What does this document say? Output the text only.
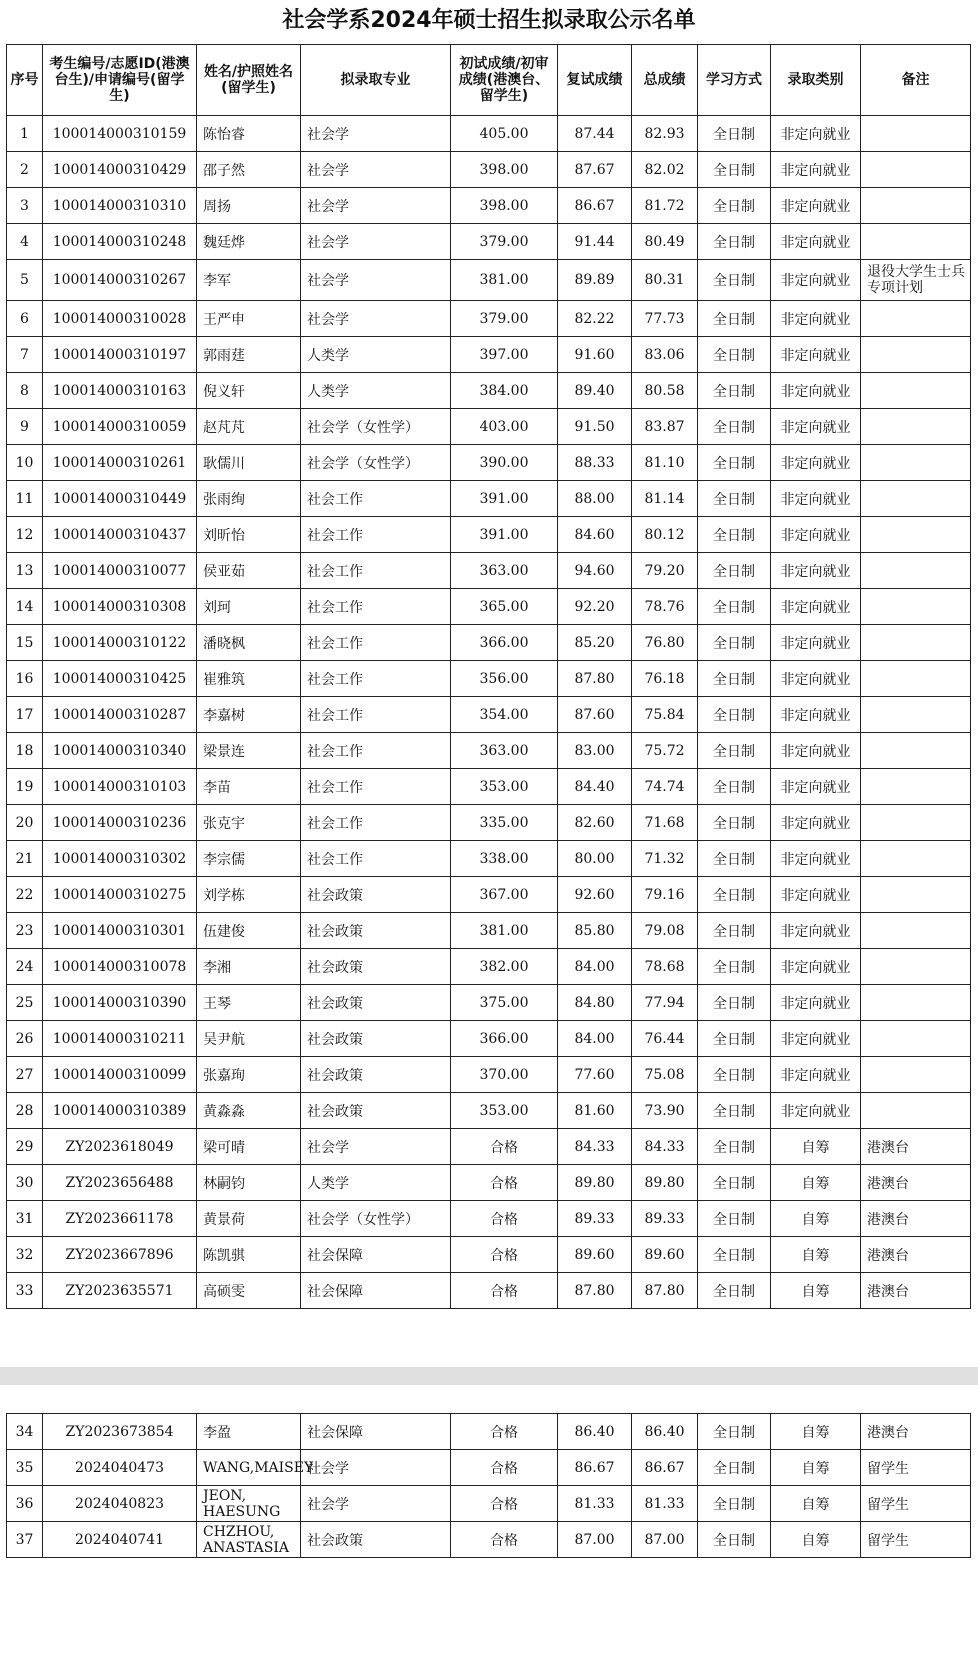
社会学系2024年硕士招生拟录取公示名单
序号	考生编号/志愿ID(港澳台生)/申请编号(留学生)	姓名/护照姓名(留学生)	拟录取专业	初试成绩/初审成绩(港澳台、留学生)	复试成绩	总成绩	学习方式	录取类别	备注
1	100014000310159	陈怡睿	社会学	405.00	87.44	82.93	全日制	非定向就业	
2	100014000310429	邵子然	社会学	398.00	87.67	82.02	全日制	非定向就业	
3	100014000310310	周扬	社会学	398.00	86.67	81.72	全日制	非定向就业	
4	100014000310248	魏廷烨	社会学	379.00	91.44	80.49	全日制	非定向就业	
5	100014000310267	李军	社会学	381.00	89.89	80.31	全日制	非定向就业	退役大学生士兵专项计划
6	100014000310028	王严申	社会学	379.00	82.22	77.73	全日制	非定向就业	
7	100014000310197	郭雨莛	人类学	397.00	91.60	83.06	全日制	非定向就业	
8	100014000310163	倪义轩	人类学	384.00	89.40	80.58	全日制	非定向就业	
9	100014000310059	赵芃芃	社会学（女性学）	403.00	91.50	83.87	全日制	非定向就业	
10	100014000310261	耿儒川	社会学（女性学）	390.00	88.33	81.10	全日制	非定向就业	
11	100014000310449	张雨绚	社会工作	391.00	88.00	81.14	全日制	非定向就业	
12	100014000310437	刘昕怡	社会工作	391.00	84.60	80.12	全日制	非定向就业	
13	100014000310077	侯亚茹	社会工作	363.00	94.60	79.20	全日制	非定向就业	
14	100014000310308	刘珂	社会工作	365.00	92.20	78.76	全日制	非定向就业	
15	100014000310122	潘晓枫	社会工作	366.00	85.20	76.80	全日制	非定向就业	
16	100014000310425	崔雅筑	社会工作	356.00	87.80	76.18	全日制	非定向就业	
17	100014000310287	李嘉树	社会工作	354.00	87.60	75.84	全日制	非定向就业	
18	100014000310340	梁景连	社会工作	363.00	83.00	75.72	全日制	非定向就业	
19	100014000310103	李苗	社会工作	353.00	84.40	74.74	全日制	非定向就业	
20	100014000310236	张克宇	社会工作	335.00	82.60	71.68	全日制	非定向就业	
21	100014000310302	李宗儒	社会工作	338.00	80.00	71.32	全日制	非定向就业	
22	100014000310275	刘学栋	社会政策	367.00	92.60	79.16	全日制	非定向就业	
23	100014000310301	伍建俊	社会政策	381.00	85.80	79.08	全日制	非定向就业	
24	100014000310078	李湘	社会政策	382.00	84.00	78.68	全日制	非定向就业	
25	100014000310390	王琴	社会政策	375.00	84.80	77.94	全日制	非定向就业	
26	100014000310211	吴尹航	社会政策	366.00	84.00	76.44	全日制	非定向就业	
27	100014000310099	张嘉珣	社会政策	370.00	77.60	75.08	全日制	非定向就业	
28	100014000310389	黄淼淼	社会政策	353.00	81.60	73.90	全日制	非定向就业	
29	ZY2023618049	梁可晴	社会学	合格	84.33	84.33	全日制	自筹	港澳台
30	ZY2023656488	林嗣钧	人类学	合格	89.80	89.80	全日制	自筹	港澳台
31	ZY2023661178	黄景荷	社会学（女性学）	合格	89.33	89.33	全日制	自筹	港澳台
32	ZY2023667896	陈凯骐	社会保障	合格	89.60	89.60	全日制	自筹	港澳台
33	ZY2023635571	高硕雯	社会保障	合格	87.80	87.80	全日制	自筹	港澳台
34	ZY2023673854	李盈	社会保障	合格	86.40	86.40	全日制	自筹	港澳台
35	2024040473	WANG,MAISEY	社会学	合格	86.67	86.67	全日制	自筹	留学生
36	2024040823	JEON, HAESUNG	社会学	合格	81.33	81.33	全日制	自筹	留学生
37	2024040741	CHZHOU, ANASTASIA	社会政策	合格	87.00	87.00	全日制	自筹	留学生
